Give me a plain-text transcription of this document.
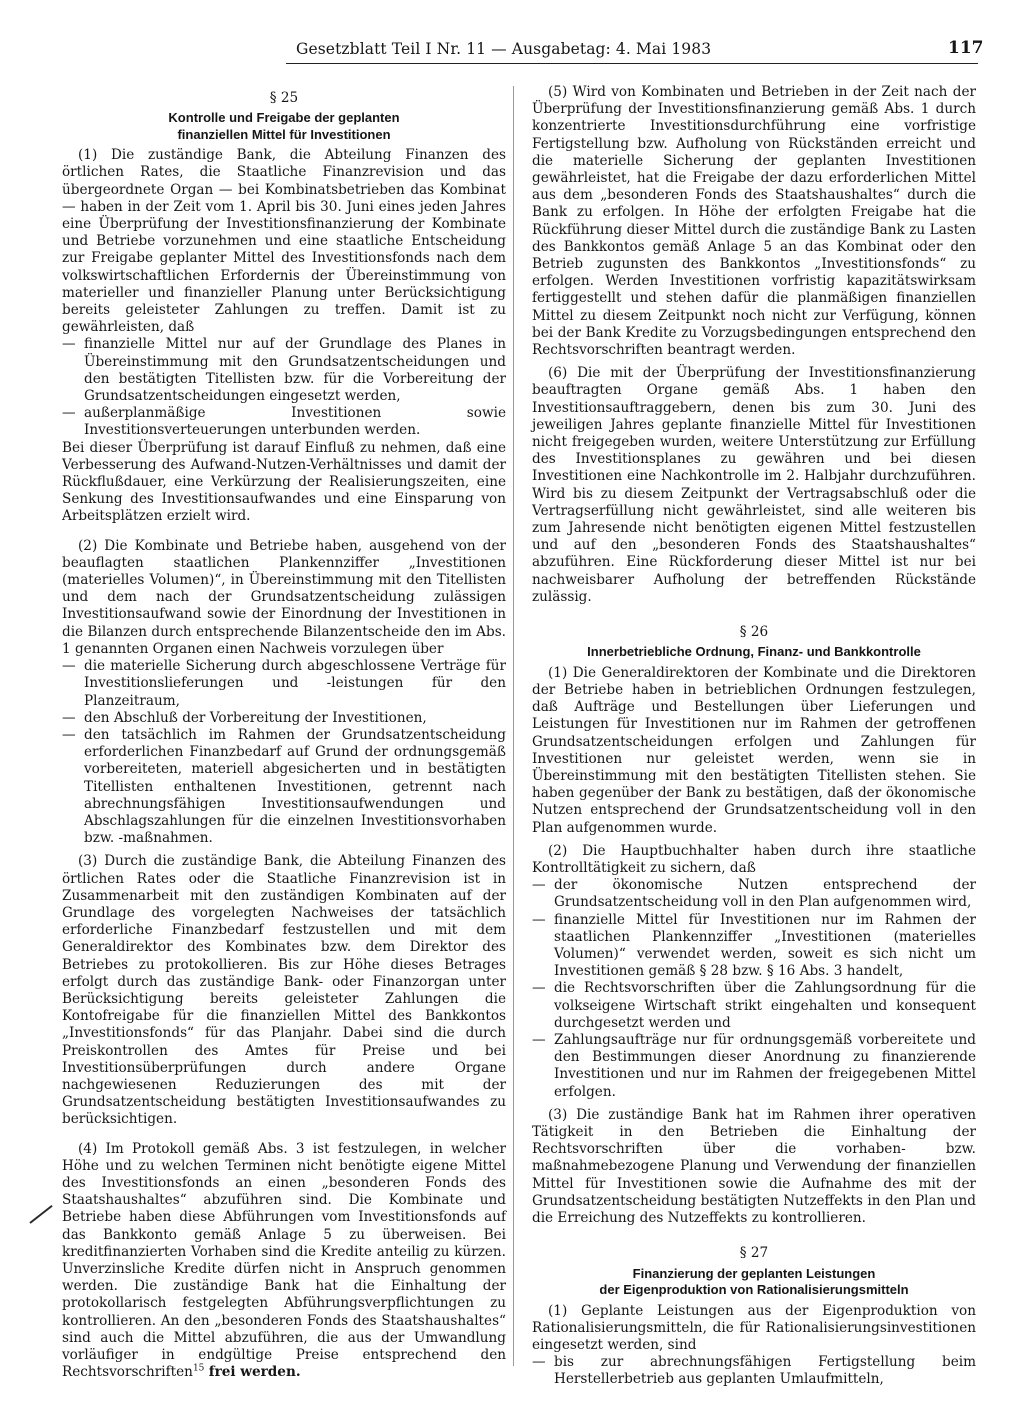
Gesetzblatt Teil I Nr. 11 — Ausgabetag: 4. Mai 1983	117
§ 25
Kontrolle und Freigabe der geplanten
finanziellen Mittel für Investitionen

(1) Die zuständige Bank, die Abteilung Finanzen des örtlichen Rates, die Staatliche Finanzrevision und das übergeordnete Organ — bei Kombinatsbetrieben das Kombinat — haben in der Zeit vom 1. April bis 30. Juni eines jeden Jahres eine Überprüfung der Investitionsfinanzierung der Kombinate und Betriebe vorzunehmen und eine staatliche Entscheidung zur Freigabe geplanter Mittel des Investitionsfonds nach dem volkswirtschaftlichen Erfordernis der Übereinstimmung von materieller und finanzieller Planung unter Berücksichtigung bereits geleisteter Zahlungen zu treffen. Damit ist zu gewährleisten, daß

— finanzielle Mittel nur auf der Grundlage des Planes in Übereinstimmung mit den Grundsatzentscheidungen und den bestätigten Titellisten bzw. für die Vorbereitung der Grundsatzentscheidungen eingesetzt werden,
— außerplanmäßige Investitionen sowie Investitionsverteuerungen unterbunden werden.

Bei dieser Überprüfung ist darauf Einfluß zu nehmen, daß eine Verbesserung des Aufwand-Nutzen-Verhältnisses und damit der Rückflußdauer, eine Verkürzung der Realisierungszeiten, eine Senkung des Investitionsaufwandes und eine Einsparung von Arbeitsplätzen erzielt wird.

(2) Die Kombinate und Betriebe haben, ausgehend von der beauflagten staatlichen Plankennziffer „Investitionen (materielles Volumen)“, in Übereinstimmung mit den Titellisten und dem nach der Grundsatzentscheidung zulässigen Investitionsaufwand sowie der Einordnung der Investitionen in die Bilanzen durch entsprechende Bilanzentscheide den im Abs. 1 genannten Organen einen Nachweis vorzulegen über

— die materielle Sicherung durch abgeschlossene Verträge für Investitionslieferungen und -leistungen für den Planzeitraum,
— den Abschluß der Vorbereitung der Investitionen,
— den tatsächlich im Rahmen der Grundsatzentscheidung erforderlichen Finanzbedarf auf Grund der ordnungsgemäß vorbereiteten, materiell abgesicherten und in bestätigten Titellisten enthaltenen Investitionen, getrennt nach abrechnungsfähigen Investitionsaufwendungen und Abschlagszahlungen für die einzelnen Investitionsvorhaben bzw. -maßnahmen.

(3) Durch die zuständige Bank, die Abteilung Finanzen des örtlichen Rates oder die Staatliche Finanzrevision ist in Zusammenarbeit mit den zuständigen Kombinaten auf der Grundlage des vorgelegten Nachweises der tatsächlich erforderliche Finanzbedarf festzustellen und mit dem Generaldirektor des Kombinates bzw. dem Direktor des Betriebes zu protokollieren. Bis zur Höhe dieses Betrages erfolgt durch das zuständige Bank- oder Finanzorgan unter Berücksichtigung bereits geleisteter Zahlungen die Kontofreigabe für die finanziellen Mittel des Bankkontos „Investitionsfonds“ für das Planjahr. Dabei sind die durch Preiskontrollen des Amtes für Preise und bei Investitionsüberprüfungen durch andere Organe nachgewiesenen Reduzierungen des mit der Grundsatzentscheidung bestätigten Investitionsaufwandes zu berücksichtigen.

(4) Im Protokoll gemäß Abs. 3 ist festzulegen, in welcher Höhe und zu welchen Terminen nicht benötigte eigene Mittel des Investitionsfonds an einen „besonderen Fonds des Staatshaushaltes“ abzuführen sind. Die Kombinate und Betriebe haben diese Abführungen vom Investitionsfonds auf das Bankkonto gemäß Anlage 5 zu überweisen. Bei kreditfinanzierten Vorhaben sind die Kredite anteilig zu kürzen. Unverzinsliche Kredite dürfen nicht in Anspruch genommen werden. Die zuständige Bank hat die Einhaltung der protokollarisch festgelegten Abführungsverpflichtungen zu kontrollieren. An den „besonderen Fonds des Staatshaushaltes“ sind auch die Mittel abzuführen, die aus der Umwandlung vorläufiger in endgültige Preise entsprechend den Rechtsvorschriften$^{15}$ frei werden.

(5) Wird von Kombinaten und Betrieben in der Zeit nach der Überprüfung der Investitionsfinanzierung gemäß Abs. 1 durch konzentrierte Investitionsdurchführung eine vorfristige Fertigstellung bzw. Aufholung von Rückständen erreicht und die materielle Sicherung der geplanten Investitionen gewährleistet, hat die Freigabe der dazu erforderlichen Mittel aus dem „besonderen Fonds des Staatshaushaltes“ durch die Bank zu erfolgen. In Höhe der erfolgten Freigabe hat die Rückführung dieser Mittel durch die zuständige Bank zu Lasten des Bankkontos gemäß Anlage 5 an das Kombinat oder den Betrieb zugunsten des Bankkontos „Investitionsfonds“ zu erfolgen. Werden Investitionen vorfristig kapazitätswirksam fertiggestellt und stehen dafür die planmäßigen finanziellen Mittel zu diesem Zeitpunkt noch nicht zur Verfügung, können bei der Bank Kredite zu Vorzugsbedingungen entsprechend den Rechtsvorschriften beantragt werden.

(6) Die mit der Überprüfung der Investitionsfinanzierung beauftragten Organe gemäß Abs. 1 haben den Investitionsauftraggebern, denen bis zum 30. Juni des jeweiligen Jahres geplante finanzielle Mittel für Investitionen nicht freigegeben wurden, weitere Unterstützung zur Erfüllung des Investitionsplanes zu gewähren und bei diesen Investitionen eine Nachkontrolle im 2. Halbjahr durchzuführen. Wird bis zu diesem Zeitpunkt der Vertragsabschluß oder die Vertragserfüllung nicht gewährleistet, sind alle weiteren bis zum Jahresende nicht benötigten eigenen Mittel festzustellen und auf den „besonderen Fonds des Staatshaushaltes“ abzuführen. Eine Rückforderung dieser Mittel ist nur bei nachweisbarer Aufholung der betreffenden Rückstände zulässig.

§ 26
Innerbetriebliche Ordnung, Finanz- und Bankkontrolle

(1) Die Generaldirektoren der Kombinate und die Direktoren der Betriebe haben in betrieblichen Ordnungen festzulegen, daß Aufträge und Bestellungen über Lieferungen und Leistungen für Investitionen nur im Rahmen der getroffenen Grundsatzentscheidungen erfolgen und Zahlungen für Investitionen nur geleistet werden, wenn sie in Übereinstimmung mit den bestätigten Titellisten stehen. Sie haben gegenüber der Bank zu bestätigen, daß der ökonomische Nutzen entsprechend der Grundsatzentscheidung voll in den Plan aufgenommen wurde.

(2) Die Hauptbuchhalter haben durch ihre staatliche Kontrolltätigkeit zu sichern, daß

— der ökonomische Nutzen entsprechend der Grundsatzentscheidung voll in den Plan aufgenommen wird,
— finanzielle Mittel für Investitionen nur im Rahmen der staatlichen Plankennziffer „Investitionen (materielles Volumen)“ verwendet werden, soweit es sich nicht um Investitionen gemäß § 28 bzw. § 16 Abs. 3 handelt,
— die Rechtsvorschriften über die Zahlungsordnung für die volkseigene Wirtschaft strikt eingehalten und konsequent durchgesetzt werden und
— Zahlungsaufträge nur für ordnungsgemäß vorbereitete und den Bestimmungen dieser Anordnung zu finanzierende Investitionen und nur im Rahmen der freigegebenen Mittel erfolgen.

(3) Die zuständige Bank hat im Rahmen ihrer operativen Tätigkeit in den Betrieben die Einhaltung der Rechtsvorschriften über die vorhaben- bzw. maßnahmebezogene Planung und Verwendung der finanziellen Mittel für Investitionen sowie die Aufnahme des mit der Grundsatzentscheidung bestätigten Nutzeffekts in den Plan und die Erreichung des Nutzeffekts zu kontrollieren.

§ 27
Finanzierung der geplanten Leistungen
der Eigenproduktion von Rationalisierungsmitteln

(1) Geplante Leistungen aus der Eigenproduktion von Rationalisierungsmitteln, die für Rationalisierungsinvestitionen eingesetzt werden, sind

— bis zur abrechnungsfähigen Fertigstellung beim Herstellerbetrieb aus geplanten Umlaufmitteln,
